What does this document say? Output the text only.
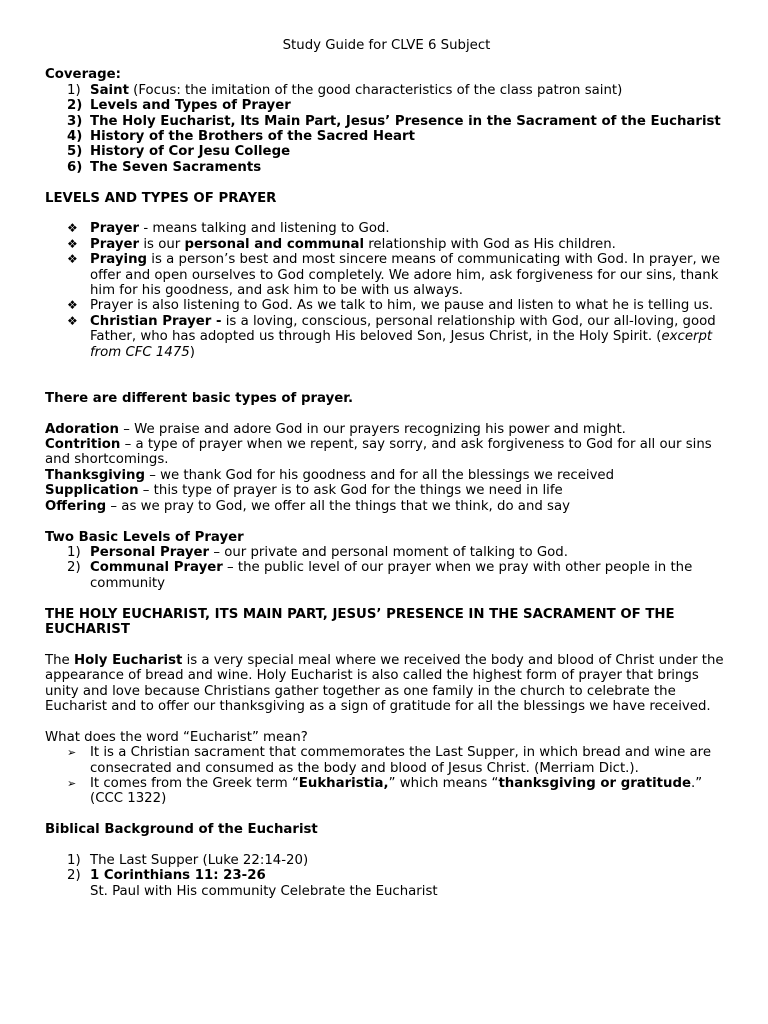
Study Guide for CLVE 6 Subject

Coverage:

1) Saint (Focus: the imitation of the good characteristics of the class patron saint)
2) Levels and Types of Prayer
3) The Holy Eucharist, Its Main Part, Jesus’ Presence in the Sacrament of the Eucharist
4) History of the Brothers of the Sacred Heart
5) History of Cor Jesu College
6) The Seven Sacraments

LEVELS AND TYPES OF PRAYER

❖ Prayer - means talking and listening to God.
❖ Prayer is our personal and communal relationship with God as His children.
❖ Praying is a person’s best and most sincere means of communicating with God. In prayer, we offer and open ourselves to God completely. We adore him, ask forgiveness for our sins, thank him for his goodness, and ask him to be with us always.
❖ Prayer is also listening to God. As we talk to him, we pause and listen to what he is telling us.
❖ Christian Prayer - is a loving, conscious, personal relationship with God, our all-loving, good Father, who has adopted us through His beloved Son, Jesus Christ, in the Holy Spirit. (excerpt from CFC 1475)

There are different basic types of prayer.

Adoration – We praise and adore God in our prayers recognizing his power and might.

Contrition – a type of prayer when we repent, say sorry, and ask forgiveness to God for all our sins and shortcomings.

Thanksgiving – we thank God for his goodness and for all the blessings we received

Supplication – this type of prayer is to ask God for the things we need in life

Offering – as we pray to God, we offer all the things that we think, do and say

Two Basic Levels of Prayer

1) Personal Prayer – our private and personal moment of talking to God.
2) Communal Prayer – the public level of our prayer when we pray with other people in the community

THE HOLY EUCHARIST, ITS MAIN PART, JESUS’ PRESENCE IN THE SACRAMENT OF THE EUCHARIST

The Holy Eucharist is a very special meal where we received the body and blood of Christ under the appearance of bread and wine. Holy Eucharist is also called the highest form of prayer that brings unity and love because Christians gather together as one family in the church to celebrate the Eucharist and to offer our thanksgiving as a sign of gratitude for all the blessings we have received.

What does the word “Eucharist” mean?

➢ It is a Christian sacrament that commemorates the Last Supper, in which bread and wine are consecrated and consumed as the body and blood of Jesus Christ. (Merriam Dict.).
➢ It comes from the Greek term “Eukharistia,” which means “thanksgiving or gratitude.” (CCC 1322)

Biblical Background of the Eucharist

1) The Last Supper (Luke 22:14-20)
2) 1 Corinthians 11: 23-26
St. Paul with His community Celebrate the Eucharist
